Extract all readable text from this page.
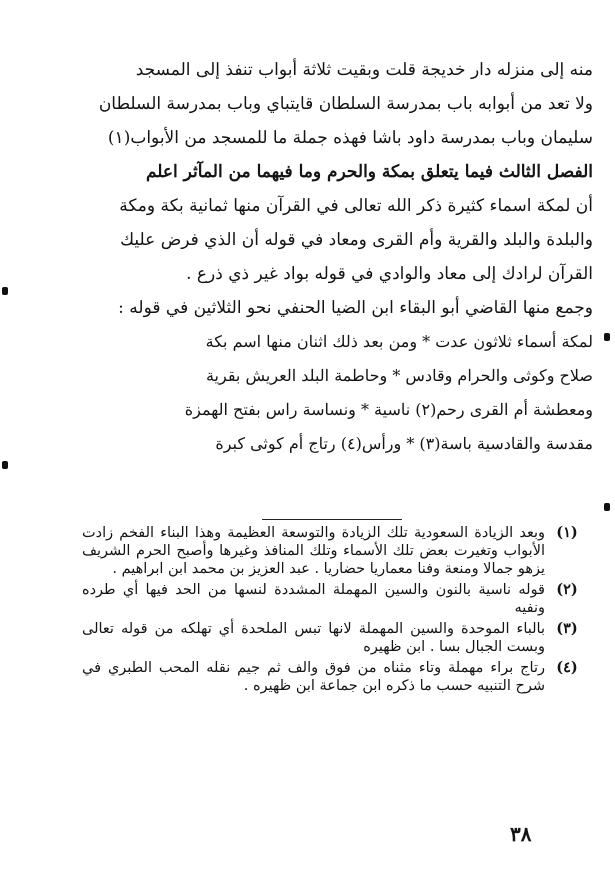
منه إلى منزله دار خديجة قلت وبقيت ثلاثة أبواب تنفذ إلى المسجد
ولا تعد من أبوابه باب بمدرسة السلطان قايتباي وباب بمدرسة السلطان
سليمان وباب بمدرسة داود باشا فهذه جملة ما للمسجد من الأبواب(١)
الفصل الثالث فيما يتعلق بمكة والحرم وما فيهما من المآثر اعلم
أن لمكة اسماء كثيرة ذكر الله تعالى في القرآن منها ثمانية بكة ومكة
والبلدة والبلد والقرية وأم القرى ومعاد في قوله أن الذي فرض عليك
القرآن لرادك إلى معاد والوادي في قوله بواد غير ذي ذرع .
وجمع منها القاضي أبو البقاء ابن الضيا الحنفي نحو الثلاثين في قوله :
لمكة أسماء ثلاثون عدت * ومن بعد ذلك اثنان منها اسم بكة
صلاح وكوثى والحرام وقادس * وحاطمة البلد العريش بقرية
ومعطشة أم القرى رحم(٢) ناسية * ونساسة راس بفتح الهمزة
مقدسة والقادسية باسة(٣) * ورأس(٤) رتاج أم كوثى كبرة
(١)
وبعد الزيادة السعودية تلك الزيادة والتوسعة العظيمة وهذا البناء الفخم زادت الأبواب وتغيرت بعض تلك الأسماء وتلك المنافذ وغيرها وأصبح الحرم الشريف يزهو جمالا ومنعة وفنا معماريا حضاريا . عبد العزيز بن محمد ابن ابراهيم .
(٢)
قوله ناسية بالنون والسين المهملة المشددة لنسها من الحد فيها أي طرده ونفيه
(٣)
بالباء الموحدة والسين المهملة لانها تبس الملحدة أي تهلكه من قوله تعالى وبست الجبال بسا . ابن ظهيره
(٤)
رتاج براء مهملة وتاء مثناه من فوق والف ثم جيم نقله المحب الطبري في شرح التنبيه حسب ما ذكره ابن جماعة ابن ظهيره .
٣٨
